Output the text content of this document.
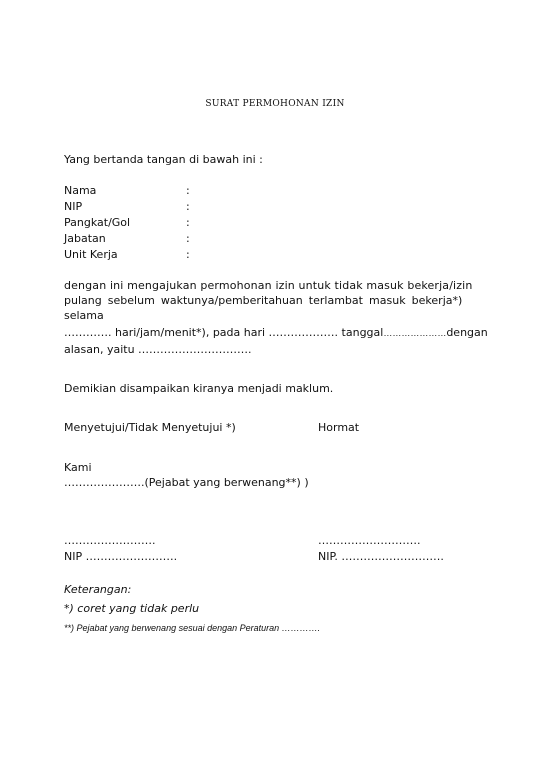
SURAT PERMOHONAN IZIN
Yang bertanda tangan di bawah ini :
Nama	:
NIP	:
Pangkat/Gol	:
Jabatan	:
Unit Kerja	:
dengan ini mengajukan permohonan izin untuk tidak masuk bekerja/izin
pulang sebelum waktunya/pemberitahuan terlambat masuk bekerja*)
selama
…………. hari/jam/menit*), pada hari ………………. tanggal…………………dengan
alasan, yaitu ………………………….
Demikian disampaikan kiranya menjadi maklum.
Menyetujui/Tidak Menyetujui *)	Hormat
Kami
………………….(Pejabat yang berwenang**) )
…………………….	……………………….
NIP …………………….	NIP. ……………………….
Keterangan:
*) coret yang tidak perlu
**) Pejabat yang berwenang sesuai dengan Peraturan ………….
